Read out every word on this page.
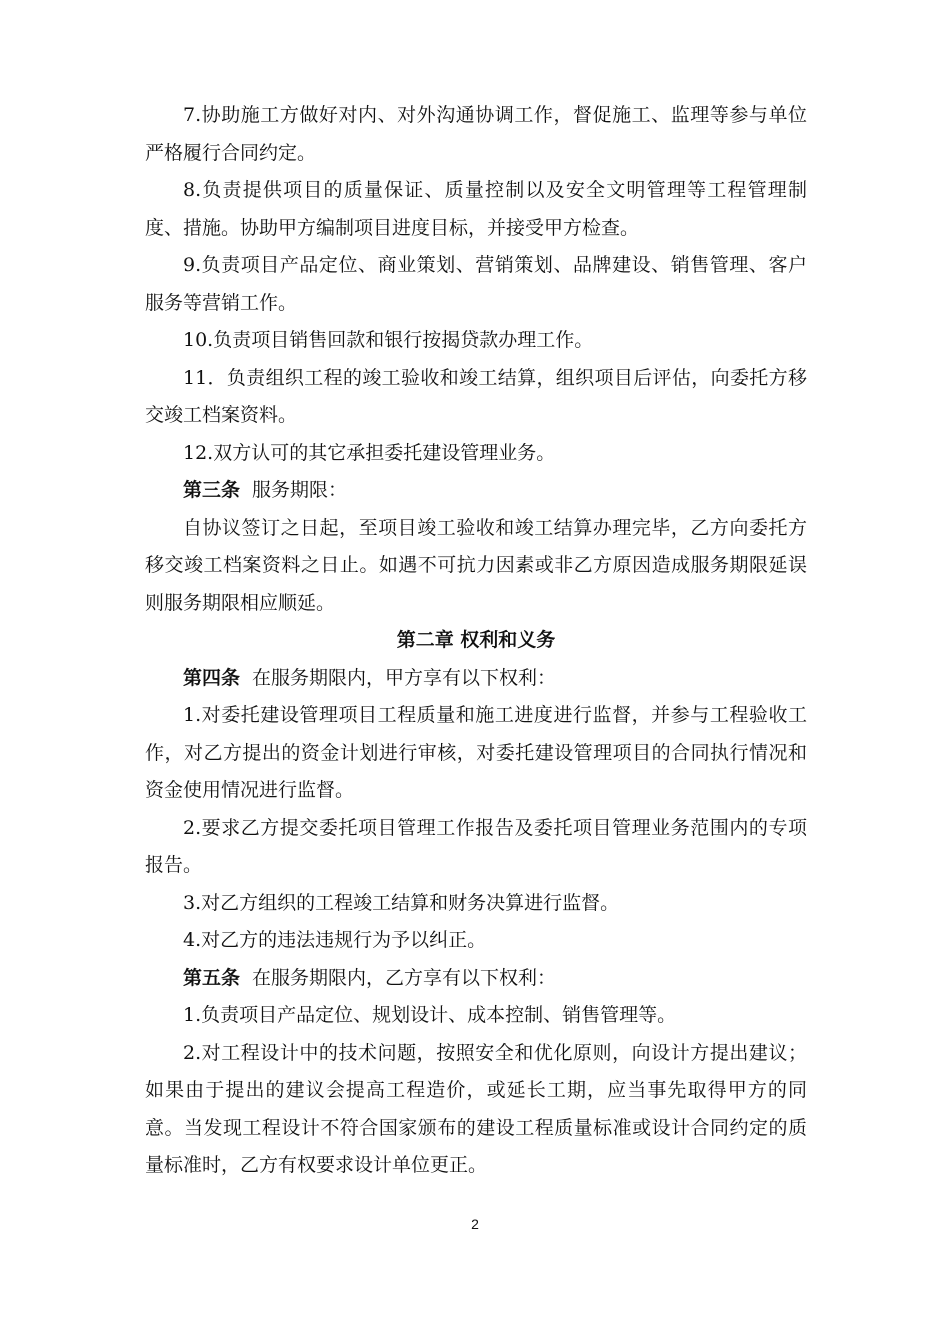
7.协助施工方做好对内、对外沟通协调工作，督促施工、监理等参与单位严格履行合同约定。

8.负责提供项目的质量保证、质量控制以及安全文明管理等工程管理制度、措施。协助甲方编制项目进度目标，并接受甲方检查。

9.负责项目产品定位、商业策划、营销策划、品牌建设、销售管理、客户服务等营销工作。

10.负责项目销售回款和银行按揭贷款办理工作。

11．负责组织工程的竣工验收和竣工结算，组织项目后评估，向委托方移交竣工档案资料。

12.双方认可的其它承担委托建设管理业务。

第三条 服务期限：

自协议签订之日起，至项目竣工验收和竣工结算办理完毕，乙方向委托方移交竣工档案资料之日止。如遇不可抗力因素或非乙方原因造成服务期限延误则服务期限相应顺延。

第二章 权利和义务

第四条 在服务期限内，甲方享有以下权利：

1.对委托建设管理项目工程质量和施工进度进行监督，并参与工程验收工作，对乙方提出的资金计划进行审核，对委托建设管理项目的合同执行情况和资金使用情况进行监督。

2.要求乙方提交委托项目管理工作报告及委托项目管理业务范围内的专项报告。

3.对乙方组织的工程竣工结算和财务决算进行监督。

4.对乙方的违法违规行为予以纠正。

第五条 在服务期限内，乙方享有以下权利：

1.负责项目产品定位、规划设计、成本控制、销售管理等。

2.对工程设计中的技术问题，按照安全和优化原则，向设计方提出建议；如果由于提出的建议会提高工程造价，或延长工期，应当事先取得甲方的同意。当发现工程设计不符合国家颁布的建设工程质量标准或设计合同约定的质量标准时，乙方有权要求设计单位更正。

2
